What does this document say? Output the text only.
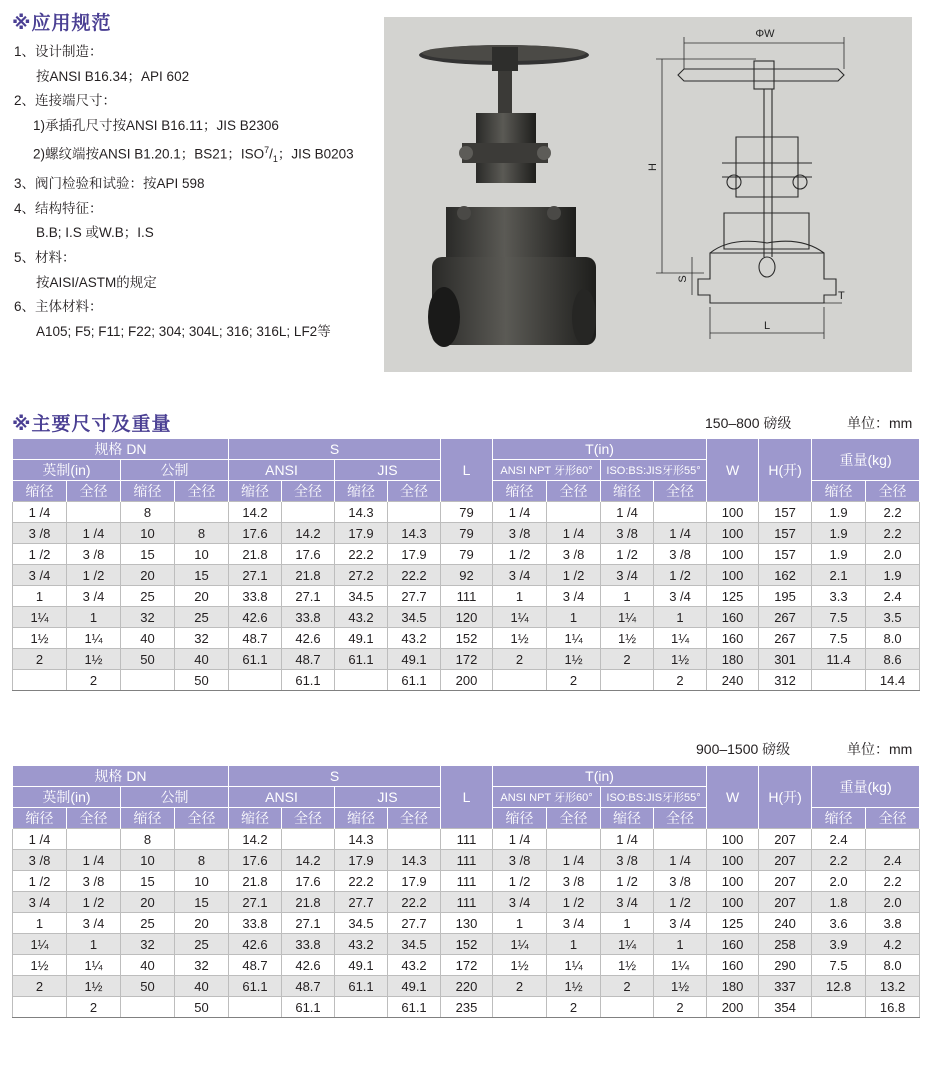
※应用规范
1、设计制造：
按ANSI B16.34；API 602
2、连接端尺寸：
1)承插孔尺寸按ANSI B16.11；JIS B2306
2)螺纹端按ANSI B1.20.1；BS21；$ISO^7/_1$；JIS B0203
3、阀门检验和试验：按API 598
4、结构特征：
B.B; I.S 或W.B；I.S
5、材料：
按AISI/ASTM的规定
6、主体材料：
A105; F5; F11; F22; 304; 304L; 316; 316L; LF2等
ΦW
H
S
T
L
※主要尺寸及重量	150–800 磅级	单位：mm
900–1500 磅级	单位：mm
规格 DN				S				L	T(in)				W	H(开)	重量(kg)	
英制(in)		公制		ANSI		JIS			ANSI NPT 牙形60°		ISO:BS:JIS牙形55°					
缩径	全径	缩径	全径	缩径	全径	缩径	全径		缩径	全径	缩径	全径			缩径	全径
1 /4		8		14.2		14.3		79	1 /4		1 /4		100	157	1.9	2.2
3 /8	1 /4	10	8	17.6	14.2	17.9	14.3	79	3 /8	1 /4	3 /8	1 /4	100	157	1.9	2.2
1 /2	3 /8	15	10	21.8	17.6	22.2	17.9	79	1 /2	3 /8	1 /2	3 /8	100	157	1.9	2.0
3 /4	1 /2	20	15	27.1	21.8	27.2	22.2	92	3 /4	1 /2	3 /4	1 /2	100	162	2.1	1.9
1	3 /4	25	20	33.8	27.1	34.5	27.7	111	1	3 /4	1	3 /4	125	195	3.3	2.4
1¼	1	32	25	42.6	33.8	43.2	34.5	120	1¼	1	1¼	1	160	267	7.5	3.5
1½	1¼	40	32	48.7	42.6	49.1	43.2	152	1½	1¼	1½	1¼	160	267	7.5	8.0
2	1½	50	40	61.1	48.7	61.1	49.1	172	2	1½	2	1½	180	301	11.4	8.6
	2		50		61.1		61.1	200		2		2	240	312		14.4
规格 DN				S				L	T(in)				W	H(开)	重量(kg)	
英制(in)		公制		ANSI		JIS			ANSI NPT 牙形60°		ISO:BS:JIS牙形55°					
缩径	全径	缩径	全径	缩径	全径	缩径	全径		缩径	全径	缩径	全径			缩径	全径
1 /4		8		14.2		14.3		111	1 /4		1 /4		100	207	2.4	
3 /8	1 /4	10	8	17.6	14.2	17.9	14.3	111	3 /8	1 /4	3 /8	1 /4	100	207	2.2	2.4
1 /2	3 /8	15	10	21.8	17.6	22.2	17.9	111	1 /2	3 /8	1 /2	3 /8	100	207	2.0	2.2
3 /4	1 /2	20	15	27.1	21.8	27.7	22.2	111	3 /4	1 /2	3 /4	1 /2	100	207	1.8	2.0
1	3 /4	25	20	33.8	27.1	34.5	27.7	130	1	3 /4	1	3 /4	125	240	3.6	3.8
1¼	1	32	25	42.6	33.8	43.2	34.5	152	1¼	1	1¼	1	160	258	3.9	4.2
1½	1¼	40	32	48.7	42.6	49.1	43.2	172	1½	1¼	1½	1¼	160	290	7.5	8.0
2	1½	50	40	61.1	48.7	61.1	49.1	220	2	1½	2	1½	180	337	12.8	13.2
	2		50		61.1		61.1	235		2		2	200	354		16.8
